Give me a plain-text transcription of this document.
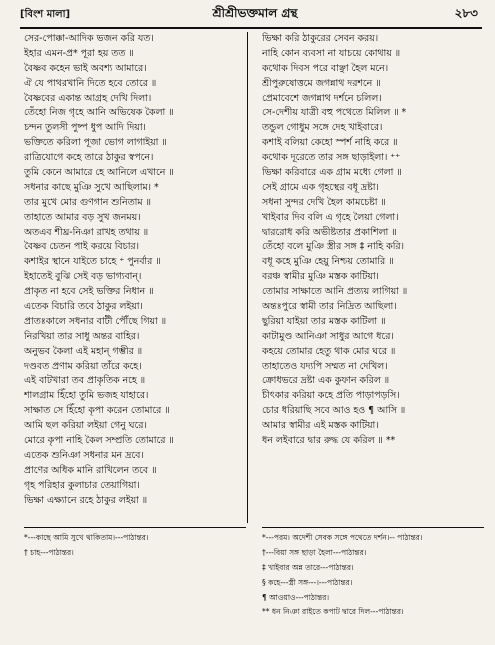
[বিংশ মালা]	শ্রীশ্রীভক্তমাল গ্রন্থ	২৮৩
সের-পোক্কা-আদিক ভজন করি যত।
ইহার এমন-প্র* পূরা হয় তত ॥
বৈষ্ণব কহেন ভাই অবশ্য আমারে।
ঐ যে পাথরখানি দিতে হবে তোরে ॥
বৈষ্ণবের একান্ত আগ্রহ দেখি দিলা।
তেঁহো নিজ গৃহে আনি অভিষেক কৈলা ॥
চন্দন তুলসী পুষ্প ধুপ আদি দিয়া।
ভক্তিতে করিলা পূজা ভোগ লাগাইয়া ॥
রাত্রিযোগে কহে তারে ঠাকুর স্বপনে।
তুমি কেনে আমারে হে আনিলে এখানে ॥
সধনার কাছে মুঞি সুখে আছিলাম। *
তার মুখে মোর গুণগান শুনিতাম ॥
তাহাতে আমার বড় সুখ জনময়।
অতএব শীঘ্র-নিঞা রাখহ তথায় ॥
বৈষ্ণব চেতন পাই করয়ে বিচার।
কশাইর স্থানে যাইতে চাহে ⁺ পুনর্বার ॥
ইহাতেই বুঝি সেই বড় ভাগ্যবান্।
প্রাকৃত না হবে সেই ভক্তির নিধান ॥
এতেক বিচারি তবে ঠাকুর লইয়া।
প্রাতঃকালে সধনার বাটী পৌঁছে গিয়া ॥
নিরখিয়া তার সাধু অন্তর বাহির।
অনুভব কৈলা এই মহান্ গম্ভীর ॥
দণ্ডবত প্রণাম করিয়া তাঁরে কহে।
এই বাটখারা তব প্রাকৃতিক নহে ॥
শালগ্রাম হিঁহো তুমি ভজহ যাহারে।
সাক্ষাত সে হিঁহো কৃপা করেন তোমারে ॥
আমি ছল করিয়া লইয়া গেনু ঘরে।
মোরে কৃপা নাহি কৈল সম্প্রতি তোমারে ॥
এতেক শুনিঞা সধনার মন দ্রবে।
প্রাণের অধিক মানি রাখিলেন তবে ॥
গৃহ পরিহার কুলাচার তেয়াগিয়া।
ভিক্ষা এক্ষ্যানে রহে ঠাকুর লইয়া ॥
ভিক্ষা করি ঠাকুরের সেবন করয়।
নাহি কোন ব্যবসা না যাচয়ে কোথায় ॥
কথোক দিবস পরে বাঞ্ছা হৈল মনে।
শ্রীপুরুষোত্তমে জগন্নাথ দরশনে ॥
প্রেমাবেশে জগন্নাথ দর্শনে চলিল।
সে-দেশীয় যাত্রী বহু পথেতে মিলিল ॥ *
তন্ডুল গোধুম সঙ্গে দেহ খাইবারে।
কশাই বলিয়া কেহো স্পর্শ নাহি করে ॥
কথোক দূরেতে তার সঙ্গ ছাড়াইলা। ⁺⁺
ভিক্ষা করিবারে এক গ্রাম মধ্যে গেলা ॥
সেই গ্রামে এক গৃহস্থের বধূ দ্রষ্টা।
সধনা সুন্দর দেখি হৈল কামচেষ্টা ॥
খাইবার দিব বলি এ গৃহে লৈয়া গেলা।
দ্বাররোধ করি অভীষ্টতার প্রকাশিলা ॥
তেঁহো বলে মুঞি স্ত্রীর সঙ্গ ‡ নাহি করি।
বধূ কহে মুঞি হেয়ু নিশ্চয় তোমারি ॥
বরঞ্চ স্বামীর মুঞি মস্তক কাটিয়া।
তোমার সাক্ষাতে আনি প্রত্যয় লাগিয়া ॥
অন্তঃপুরে স্বামী তার নিদ্রিত আছিলা।
ছুরিয়া যাইয়া তার মস্তক কাটিলা ॥
কাটামুণ্ড আনিঞা সাধুর আগে ধরে।
কহয়ে তোমার হেতু থাক মোর ঘরে ॥
তাহাতেও যদ্যপি সম্মত না দেখিল।
ক্রোধভরে দ্রষ্টা এক কুফান করিল ॥
চীৎকার করিয়া কহে প্রতি পাড়াপড়সি।
চোর ধরিয়াছি সবে আও হও ¶ আসি ॥
আমার স্বামীর এই মস্তক কাটিয়া।
ধন লইবারে দ্বার রুদ্ধ যে করিল ॥ **
*---কাছে আমি সুখে থাকিতাম।---পাঠান্তর।
† চাহ---পাঠান্তর।
*---পরম। অদেশী সেবক সঙ্গে পথেতে দর্শন।-- পাঠান্তর।
†---বিয়া সঙ্গ ছাড়া হৈলা---পাঠান্তর।
‡ খাইবার অন্ন তারে---পাঠান্তর।
§ কহে---স্ত্রী সঙ্গ---।---পাঠান্তর।
¶ আওয়াও---পাঠান্তর।
** ধন নিঞা রাইতে কপাট দ্বারে দিল---পাঠান্তর।
